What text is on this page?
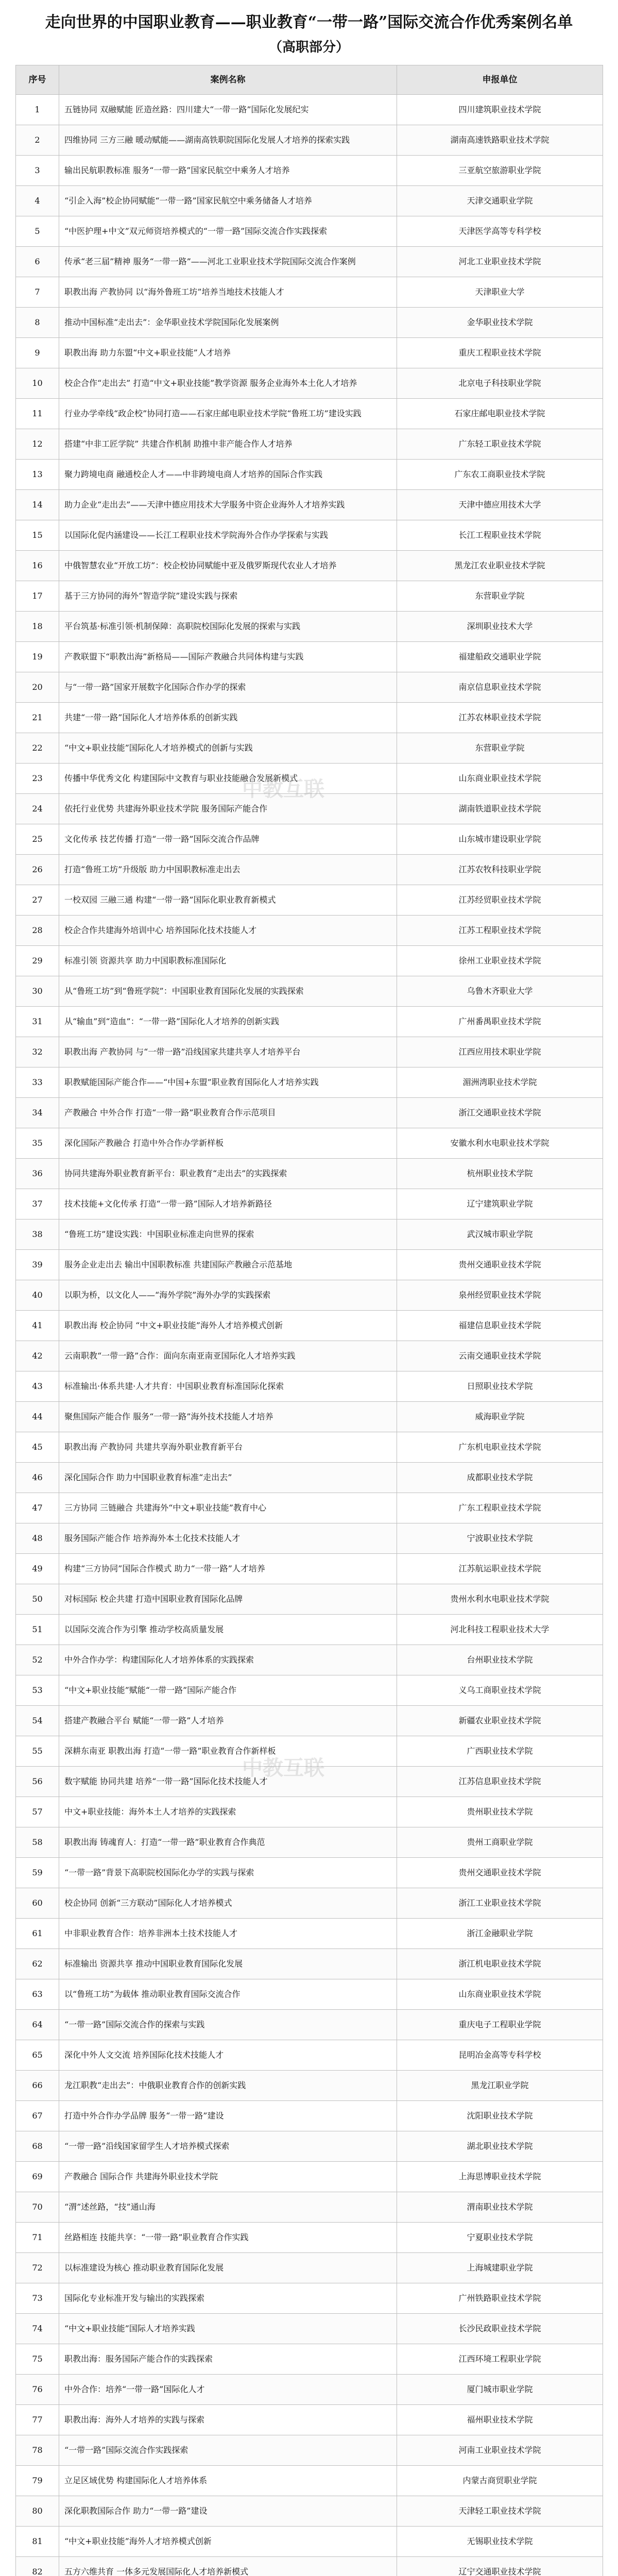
走向世界的中国职业教育——职业教育“一带一路”国际交流合作优秀案例名单
（高职部分）
序号	案例名称	申报单位
1	五链协同 双融赋能 匠造丝路：四川建大“一带一路”国际化发展纪实	四川建筑职业技术学院
2	四维协同 三方三融 暖动赋能——湖南高铁职院国际化发展人才培养的探索实践	湖南高速铁路职业技术学院
3	输出民航职教标准 服务“一带一路”国家民航空中乘务人才培养	三亚航空旅游职业学院
4	“引企入海”校企协同赋能“一带一路”国家民航空中乘务储备人才培养	天津交通职业学院
5	“中医护理+中文”双元师资培养模式的“一带一路”国际交流合作实践探索	天津医学高等专科学校
6	传承“老三届”精神 服务“一带一路”——河北工业职业技术学院国际交流合作案例	河北工业职业技术学院
7	职教出海 产教协同 以“海外鲁班工坊”培养当地技术技能人才	天津职业大学
8	推动中国标准“走出去”：金华职业技术学院国际化发展案例	金华职业技术学院
9	职教出海 助力东盟“中文+职业技能”人才培养	重庆工程职业技术学院
10	校企合作“走出去” 打造“中文+职业技能”教学资源 服务企业海外本土化人才培养	北京电子科技职业学院
11	行业办学牵线“政企校”协同打造——石家庄邮电职业技术学院“鲁班工坊”建设实践	石家庄邮电职业技术学院
12	搭建“中非工匠学院” 共建合作机制 助推中非产能合作人才培养	广东轻工职业技术学院
13	聚力跨境电商 融通校企人才——中非跨境电商人才培养的国际合作实践	广东农工商职业技术学院
14	助力企业“走出去”——天津中德应用技术大学服务中资企业海外人才培养实践	天津中德应用技术大学
15	以国际化促内涵建设——长江工程职业技术学院海外合作办学探索与实践	长江工程职业技术学院
16	中俄智慧农业“开放工坊”：校企校协同赋能中亚及俄罗斯现代农业人才培养	黑龙江农业职业技术学院
17	基于三方协同的海外“智造学院”建设实践与探索	东营职业学院
18	平台筑基·标准引领·机制保障：高职院校国际化发展的探索与实践	深圳职业技术大学
19	产教联盟下“职教出海”新格局——国际产教融合共同体构建与实践	福建船政交通职业学院
20	与“一带一路”国家开展数字化国际合作办学的探索	南京信息职业技术学院
21	共建“一带一路”国际化人才培养体系的创新实践	江苏农林职业技术学院
22	“中文+职业技能”国际化人才培养模式的创新与实践	东营职业学院
23	传播中华优秀文化 构建国际中文教育与职业技能融合发展新模式	山东商业职业技术学院
24	依托行业优势 共建海外职业技术学院 服务国际产能合作	湖南铁道职业技术学院
25	文化传承 技艺传播 打造“一带一路”国际交流合作品牌	山东城市建设职业学院
26	打造“鲁班工坊”升级版 助力中国职教标准走出去	江苏农牧科技职业学院
27	一校双园 三融三通 构建“一带一路”国际化职业教育新模式	江苏经贸职业技术学院
28	校企合作共建海外培训中心 培养国际化技术技能人才	江苏工程职业技术学院
29	标准引领 资源共享 助力中国职教标准国际化	徐州工业职业技术学院
30	从“鲁班工坊”到“鲁班学院”：中国职业教育国际化发展的实践探索	乌鲁木齐职业大学
31	从“输血”到“造血”：“一带一路”国际化人才培养的创新实践	广州番禺职业技术学院
32	职教出海 产教协同 与“一带一路”沿线国家共建共享人才培养平台	江西应用技术职业学院
33	职教赋能国际产能合作——“中国+东盟”职业教育国际化人才培养实践	湄洲湾职业技术学院
34	产教融合 中外合作 打造“一带一路”职业教育合作示范项目	浙江交通职业技术学院
35	深化国际产教融合 打造中外合作办学新样板	安徽水利水电职业技术学院
36	协同共建海外职业教育新平台：职业教育“走出去”的实践探索	杭州职业技术学院
37	技术技能+文化传承 打造“一带一路”国际人才培养新路径	辽宁建筑职业学院
38	“鲁班工坊”建设实践：中国职业标准走向世界的探索	武汉城市职业学院
39	服务企业走出去 输出中国职教标准 共建国际产教融合示范基地	贵州交通职业技术学院
40	以职为桥，以文化人——“海外学院”海外办学的实践探索	泉州经贸职业技术学院
41	职教出海 校企协同 “中文+职业技能”海外人才培养模式创新	福建信息职业技术学院
42	云南职教“一带一路”合作：面向东南亚南亚国际化人才培养实践	云南交通职业技术学院
43	标准输出·体系共建·人才共育：中国职业教育标准国际化探索	日照职业技术学院
44	聚焦国际产能合作 服务“一带一路”海外技术技能人才培养	威海职业学院
45	职教出海 产教协同 共建共享海外职业教育新平台	广东机电职业技术学院
46	深化国际合作 助力中国职业教育标准“走出去”	成都职业技术学院
47	三方协同 三链融合 共建海外“中文+职业技能”教育中心	广东工程职业技术学院
48	服务国际产能合作 培养海外本土化技术技能人才	宁波职业技术学院
49	构建“三方协同”国际合作模式 助力“一带一路”人才培养	江苏航运职业技术学院
50	对标国际 校企共建 打造中国职业教育国际化品牌	贵州水利水电职业技术学院
51	以国际交流合作为引擎 推动学校高质量发展	河北科技工程职业技术大学
52	中外合作办学：构建国际化人才培养体系的实践探索	台州职业技术学院
53	“中文+职业技能”赋能“一带一路”国际产能合作	义乌工商职业技术学院
54	搭建产教融合平台 赋能“一带一路”人才培养	新疆农业职业技术学院
55	深耕东南亚 职教出海 打造“一带一路”职业教育合作新样板	广西职业技术学院
56	数字赋能 协同共建 培养“一带一路”国际化技术技能人才	江苏信息职业技术学院
57	中文+职业技能：海外本土人才培养的实践探索	贵州职业技术学院
58	职教出海 铸魂育人：打造“一带一路”职业教育合作典范	贵州工商职业学院
59	“一带一路”背景下高职院校国际化办学的实践与探索	贵州交通职业技术学院
60	校企协同 创新“三方联动”国际化人才培养模式	浙江工业职业技术学院
61	中非职业教育合作：培养非洲本土技术技能人才	浙江金融职业学院
62	标准输出 资源共享 推动中国职业教育国际化发展	浙江机电职业技术学院
63	以“鲁班工坊”为载体 推动职业教育国际交流合作	山东商业职业技术学院
64	“一带一路”国际交流合作的探索与实践	重庆电子工程职业学院
65	深化中外人文交流 培养国际化技术技能人才	昆明冶金高等专科学校
66	龙江职教“走出去”：中俄职业教育合作的创新实践	黑龙江职业学院
67	打造中外合作办学品牌 服务“一带一路”建设	沈阳职业技术学院
68	“一带一路”沿线国家留学生人才培养模式探索	湖北职业技术学院
69	产教融合 国际合作 共建海外职业技术学院	上海思博职业技术学院
70	“渭”述丝路，“技”通山海	渭南职业技术学院
71	丝路相连 技能共享：“一带一路”职业教育合作实践	宁夏职业技术学院
72	以标准建设为核心 推动职业教育国际化发展	上海城建职业学院
73	国际化专业标准开发与输出的实践探索	广州铁路职业技术学院
74	“中文+职业技能”国际人才培养实践	长沙民政职业技术学院
75	职教出海：服务国际产能合作的实践探索	江西环境工程职业学院
76	中外合作：培养“一带一路”国际化人才	厦门城市职业学院
77	职教出海：海外人才培养的实践与探索	福州职业技术学院
78	“一带一路”国际交流合作实践探索	河南工业职业技术学院
79	立足区域优势 构建国际化人才培养体系	内蒙古商贸职业学院
80	深化职教国际合作 助力“一带一路”建设	天津轻工职业技术学院
81	“中文+职业技能”海外人才培养模式创新	无锡职业技术学院
82	五方六维共育 一体多元发展国际化人才培养新模式	辽宁交通职业技术学院

中教互联
中教互联
